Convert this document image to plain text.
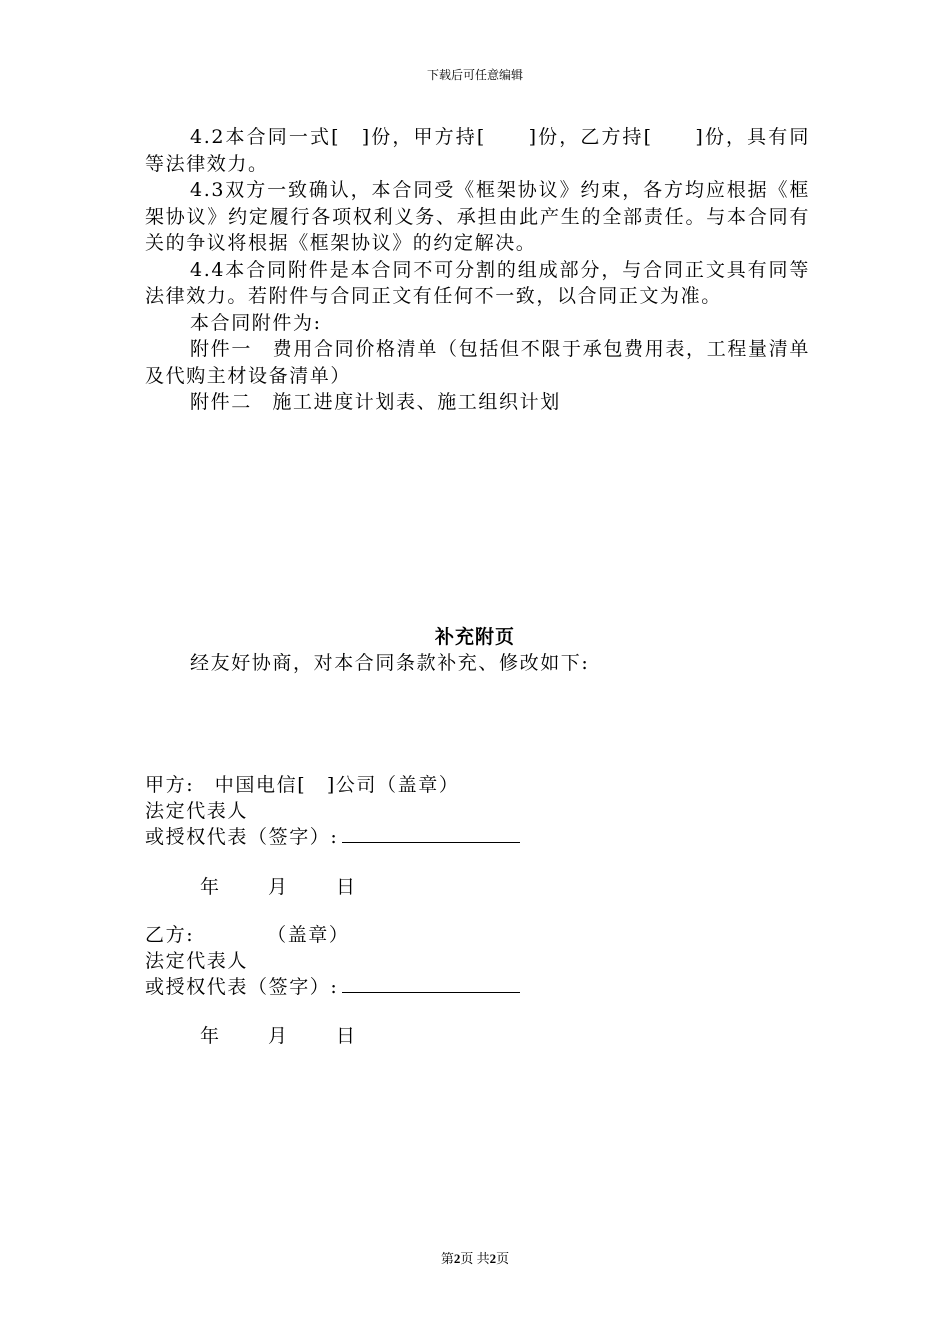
下载后可任意编辑

4.2本合同一式[　]份，甲方持[　　]份，乙方持[　　]份，具有同等法律效力。

4.3双方一致确认，本合同受《框架协议》约束，各方均应根据《框架协议》约定履行各项权利义务、承担由此产生的全部责任。与本合同有关的争议将根据《框架协议》的约定解决。

4.4本合同附件是本合同不可分割的组成部分，与合同正文具有同等法律效力。若附件与合同正文有任何不一致，以合同正文为准。

本合同附件为:

附件一　费用合同价格清单（包括但不限于承包费用表，工程量清单及代购主材设备清单）

附件二　施工进度计划表、施工组织计划

补充附页

经友好协商，对本合同条款补充、修改如下:

甲方:　中国电信[　]公司（盖章）
法定代表人
或授权代表（签字）:
年	月	日
乙方:　　　　（盖章）
法定代表人
或授权代表（签字）:
年	月	日
第2页 共2页
